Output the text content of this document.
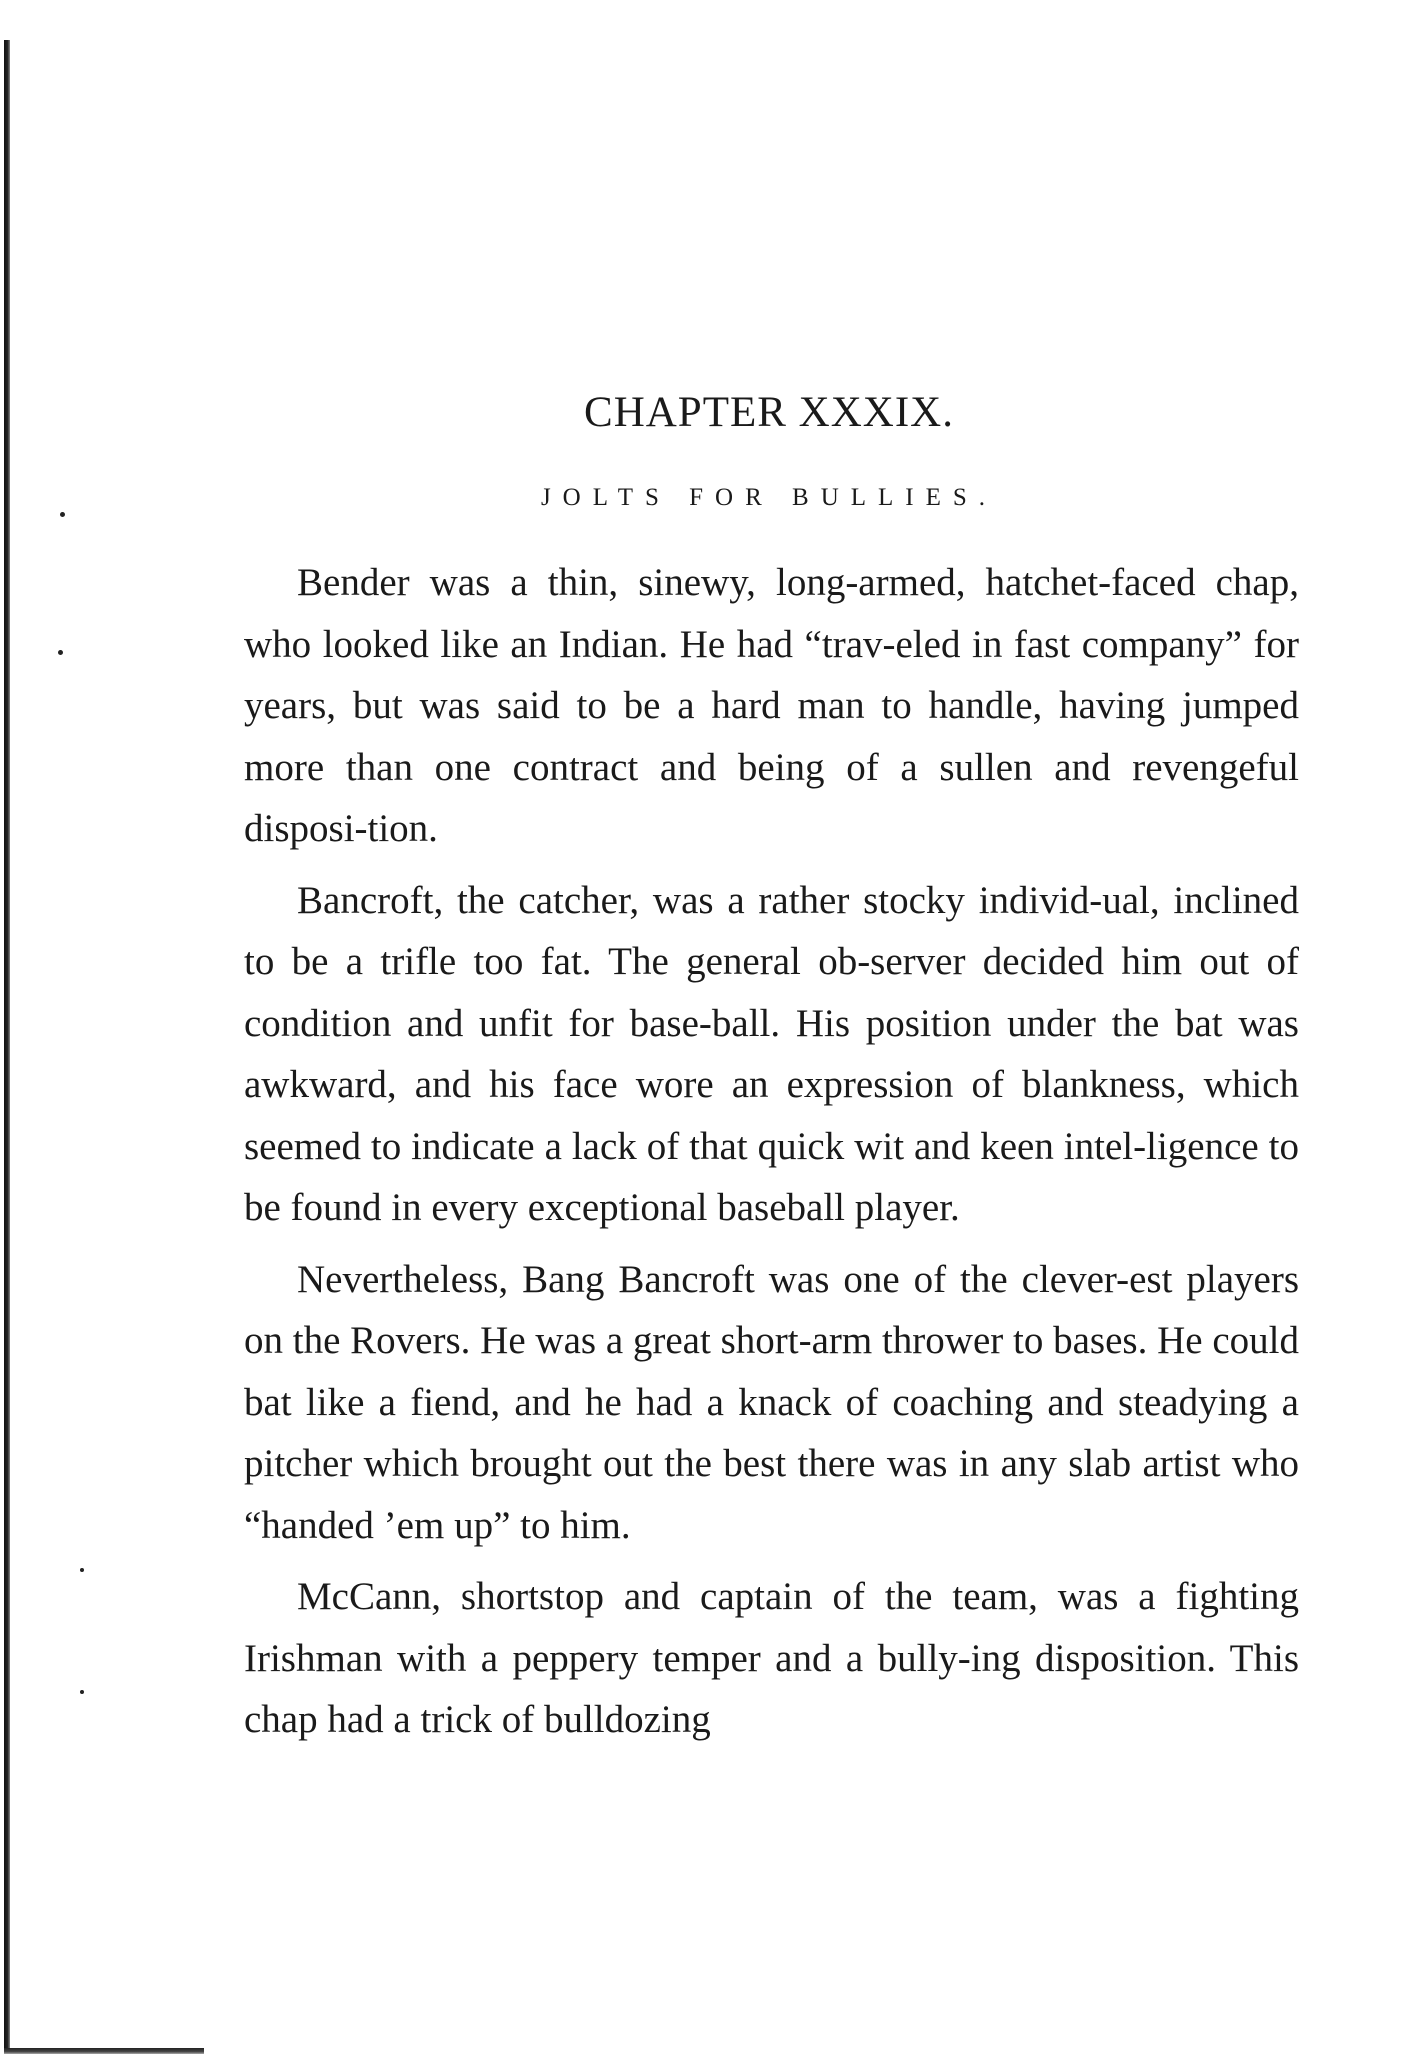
CHAPTER XXXIX.
JOLTS FOR BULLIES.

Bender was a thin, sinewy, long-armed, hatchet-faced chap, who looked like an Indian. He had “trav-eled in fast company” for years, but was said to be a hard man to handle, having jumped more than one contract and being of a sullen and revengeful disposi-tion.

Bancroft, the catcher, was a rather stocky individ-ual, inclined to be a trifle too fat. The general ob-server decided him out of condition and unfit for base-ball. His position under the bat was awkward, and his face wore an expression of blankness, which seemed to indicate a lack of that quick wit and keen intel-ligence to be found in every exceptional baseball player.

Nevertheless, Bang Bancroft was one of the clever-est players on the Rovers. He was a great short-arm thrower to bases. He could bat like a fiend, and he had a knack of coaching and steadying a pitcher which brought out the best there was in any slab artist who “handed ’em up” to him.

McCann, shortstop and captain of the team, was a fighting Irishman with a peppery temper and a bully-ing disposition. This chap had a trick of bulldozing
